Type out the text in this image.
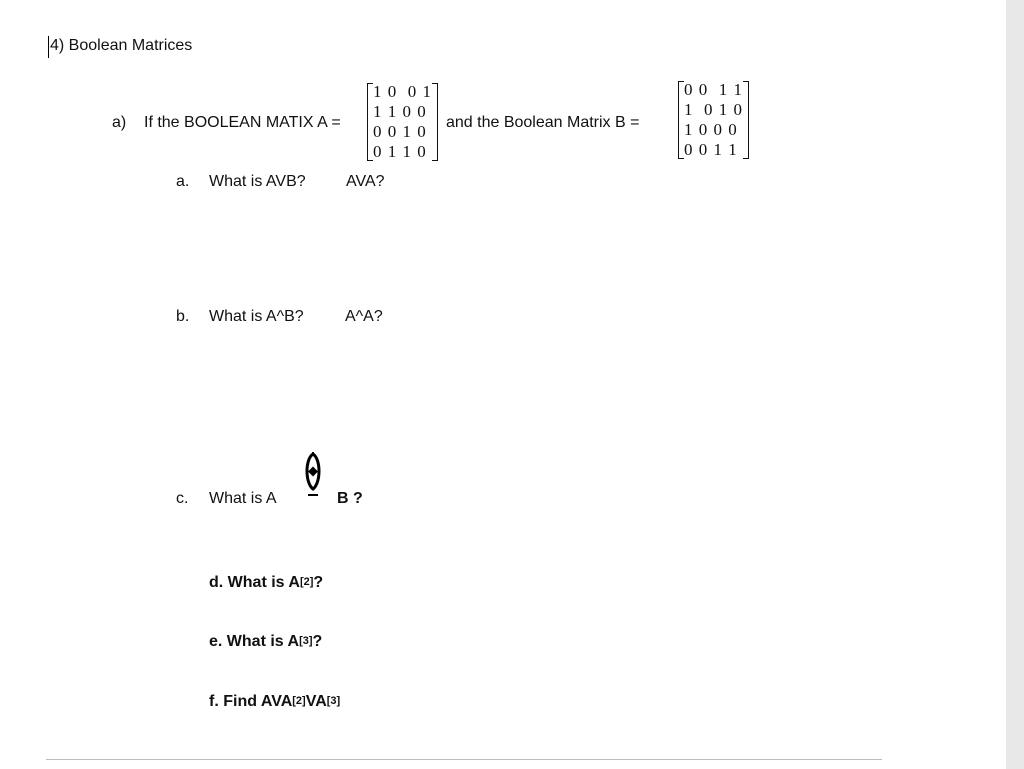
4) Boolean Matrices
a) If the BOOLEAN MATIX A =
1 0  0 1
1 1 0 0
0 0 1 0
0 1 1 0
and the Boolean Matrix B =
0 0  1 1
1  0 1 0
1 0 0 0
0 0 1 1
a. What is AVB?	AVA?
b. What is A^B?	A^A?
c. What is A	B ?
d. What is A[2]?
e. What is A[3]?
f. Find AVA[2]VA[3]
